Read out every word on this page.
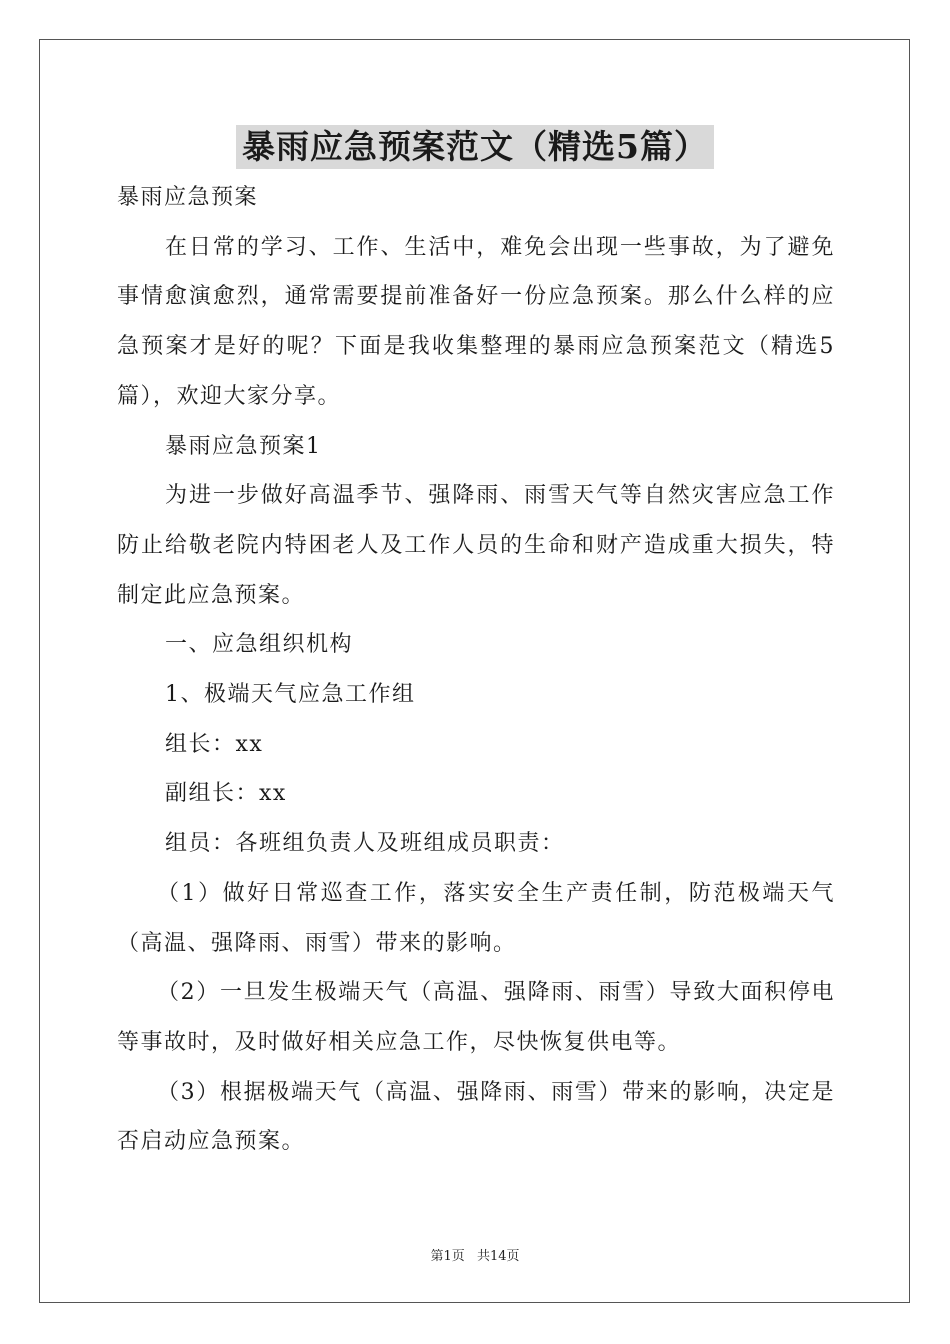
暴雨应急预案范文（精选5篇）

暴雨应急预案

在日常的学习、工作、生活中，难免会出现一些事故，为了避免事情愈演愈烈，通常需要提前准备好一份应急预案。那么什么样的应急预案才是好的呢？下面是我收集整理的暴雨应急预案范文（精选5篇），欢迎大家分享。

暴雨应急预案1

为进一步做好高温季节、强降雨、雨雪天气等自然灾害应急工作防止给敬老院内特困老人及工作人员的生命和财产造成重大损失，特制定此应急预案。

一、应急组织机构

1、极端天气应急工作组

组长：xx

副组长：xx

组员：各班组负责人及班组成员职责：

（1）做好日常巡查工作，落实安全生产责任制，防范极端天气（高温、强降雨、雨雪）带来的影响。

（2）一旦发生极端天气（高温、强降雨、雨雪）导致大面积停电等事故时，及时做好相关应急工作，尽快恢复供电等。

（3）根据极端天气（高温、强降雨、雨雪）带来的影响，决定是否启动应急预案。

第1页 共14页
